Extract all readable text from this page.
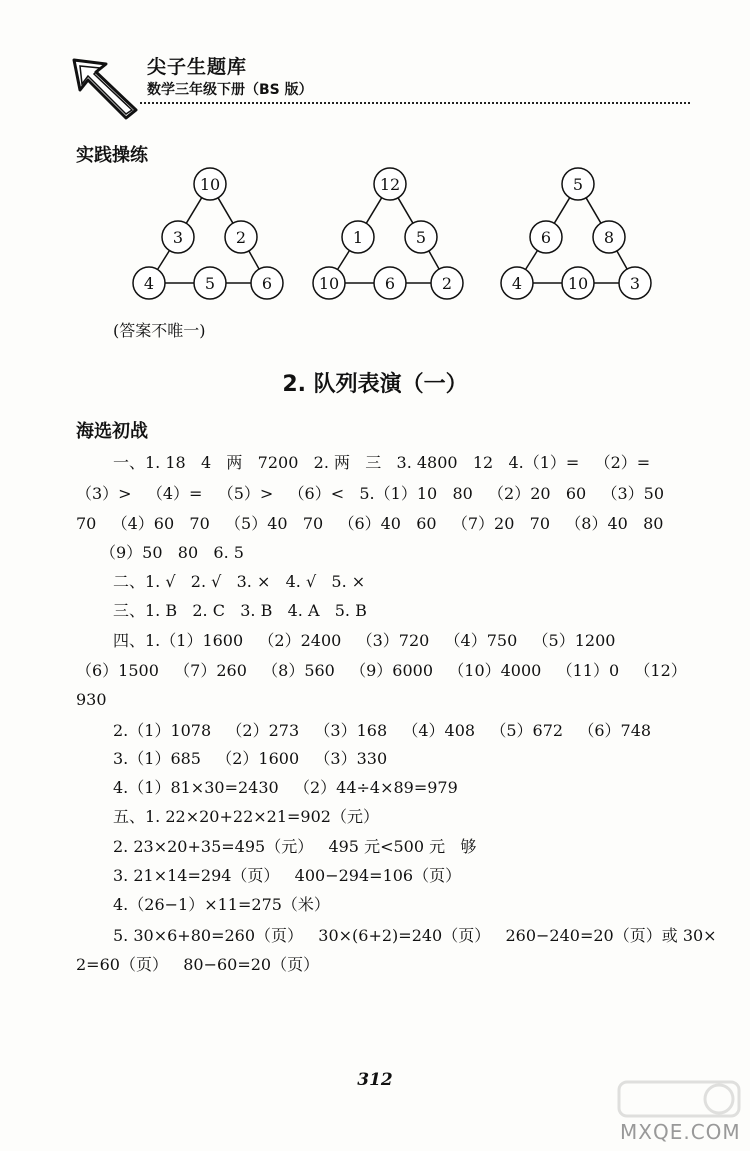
尖子生题库
数学三年级下册（BS 版）
实践操练
10
3	2
4	5	6
12
1	5
10	6	2
5
6	8
4	10	3
(答案不唯一)
2. 队列表演（一）
海选初战
一、1. 18   4   两   7200   2. 两   三   3. 4800   12   4.（1）=   （2）=
（3）>   （4）=   （5）>   （6）<   5.（1）10   80   （2）20   60   （3）50
70   （4）60   70   （5）40   70   （6）40   60   （7）20   70   （8）40   80
（9）50   80   6. 5
二、1. √   2. √   3. ×   4. √   5. ×
三、1. B   2. C   3. B   4. A   5. B
四、1.（1）1600   （2）2400   （3）720   （4）750   （5）1200
（6）1500   （7）260   （8）560   （9）6000   （10）4000   （11）0   （12）
930
2.（1）1078   （2）273   （3）168   （4）408   （5）672   （6）748
3.（1）685   （2）1600   （3）330
4.（1）81×30=2430   （2）44÷4×89=979
五、1. 22×20+22×21=902（元）
2. 23×20+35=495（元）   495 元<500 元   够
3. 21×14=294（页）   400−294=106（页）
4.（26−1）×11=275（米）
5. 30×6+80=260（页）   30×(6+2)=240（页）   260−240=20（页）或 30×
2=60（页）   80−60=20（页）
312
MXQE.COM
